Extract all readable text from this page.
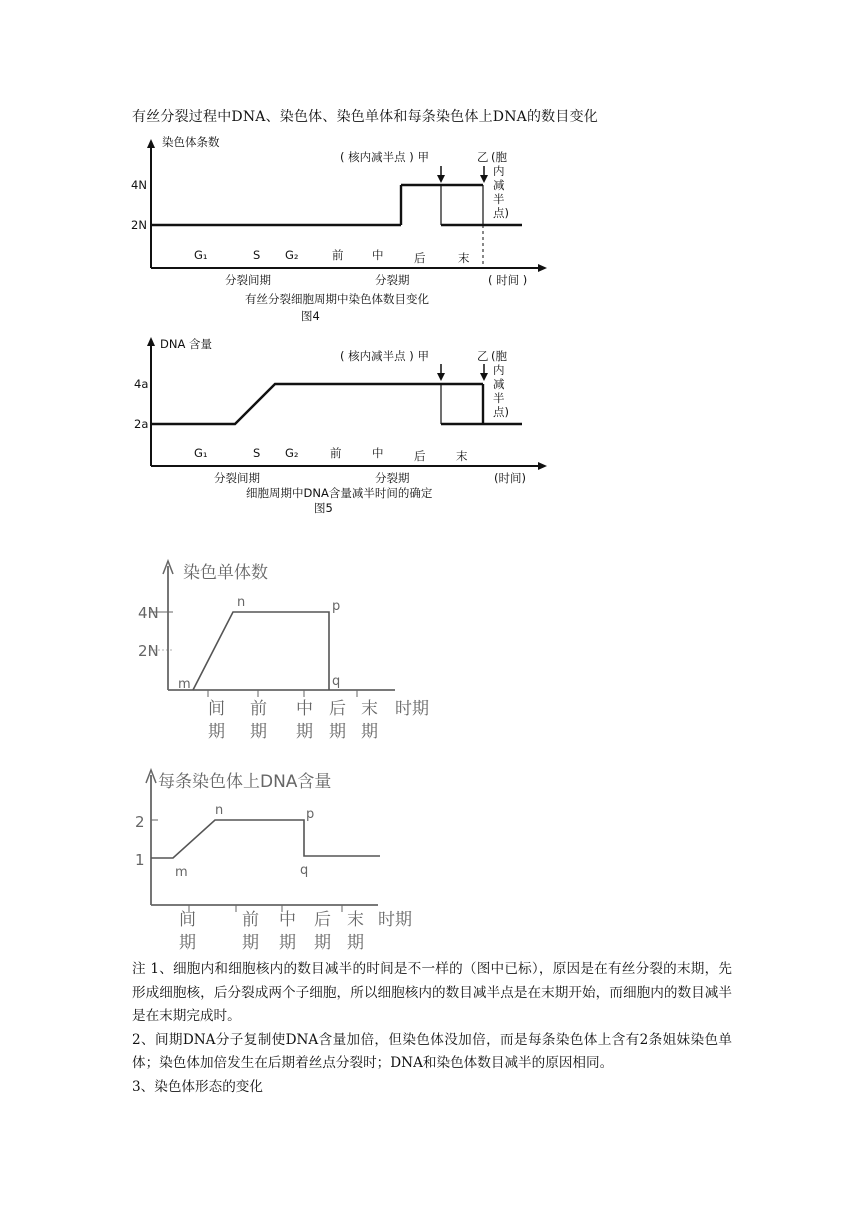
有丝分裂过程中DNA、染色体、染色单体和每条染色体上DNA的数目变化
染色体条数
4N
2N
G₁	S G₂	前 中	后	末
分裂间期	分裂期	( 时间 )
( 核内减半点 ) 甲	乙 (胞
内
减
半
点)
有丝分裂细胞周期中染色体数目变化
图4
DNA 含量
4a
2a
G₁	S G₂	前	中	后	末
分裂间期	分裂期	(时间)
( 核内减半点 ) 甲	乙 (胞
内
减
半
点)
细胞周期中DNA含量减半时间的确定
图5
染色单体数
4N
2N
m
n	p
q
间
期
前
期
中
期
后
期
末
期
时期
每条染色体上DNA含量
2
1
m
n	p
q
间
期
前
期
中
期
后
期
末
期
时期

注 1、细胞内和细胞核内的数目减半的时间是不一样的（图中已标），原因是在有丝分裂的末期，先形成细胞核，后分裂成两个子细胞，所以细胞核内的数目减半点是在末期开始，而细胞内的数目减半是在末期完成时。

2、间期DNA分子复制使DNA含量加倍，但染色体没加倍，而是每条染色体上含有2条姐妹染色单体；染色体加倍发生在后期着丝点分裂时；DNA和染色体数目减半的原因相同。

3、染色体形态的变化
